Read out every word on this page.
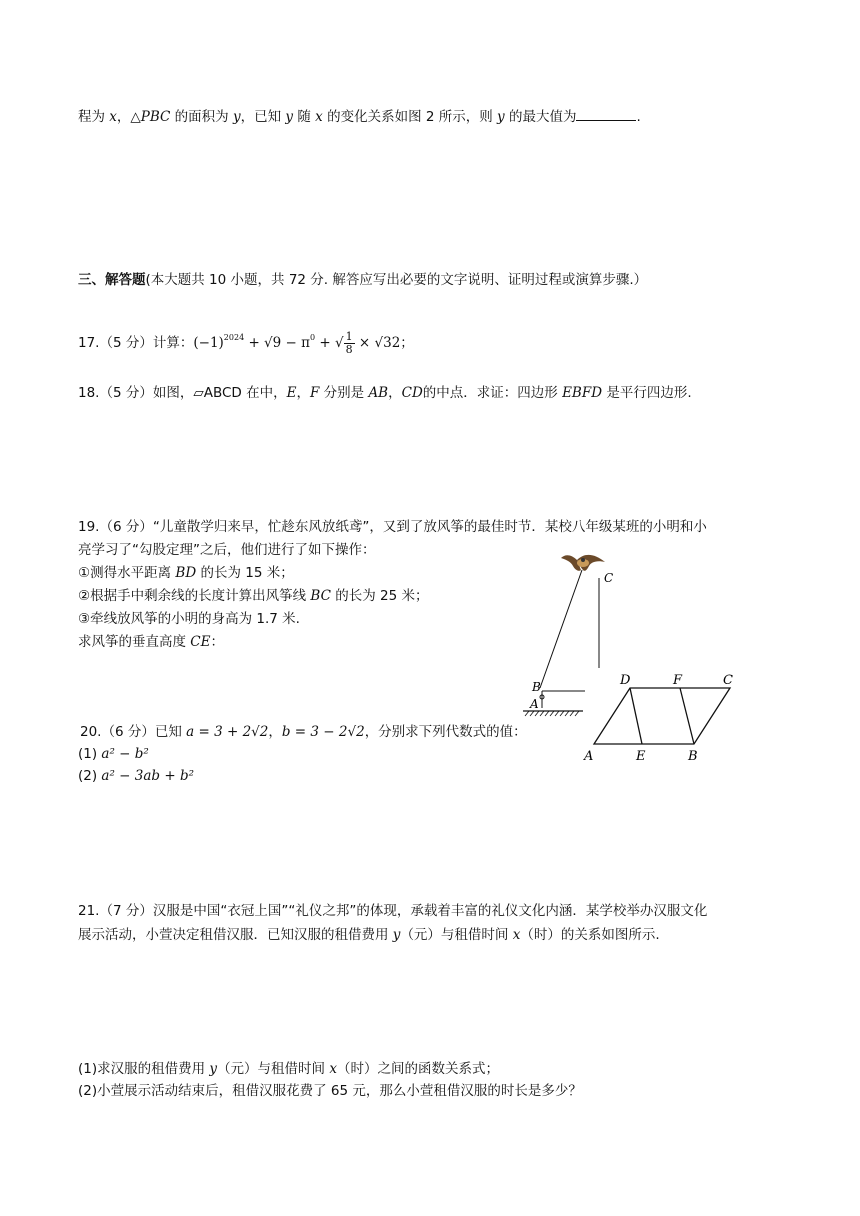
程为 x，△PBC 的面积为 y，已知 y 随 x 的变化关系如图 2 所示，则 y 的最大值为	.
三、解答题(本大题共 10 小题，共 72 分. 解答应写出必要的文字说明、证明过程或演算步骤.）
17.（5 分）计算：$(-1)^{2024} + √9 - \pi^0$ + √ $\frac{1}{8} \times √32$；
18.（5 分）如图，▱ABCD 在中，E，F 分别是 AB，CD的中点．求证：四边形 EBFD 是平行四边形.
19.（6 分）“儿童散学归来早，忙趁东风放纸鸢”，又到了放风筝的最佳时节．某校八年级某班的小明和小
亮学习了“勾股定理”之后，他们进行了如下操作：
①测得水平距离 BD 的长为 15 米；
②根据手中剩余线的长度计算出风筝线 BC 的长为 25 米；
③牵线放风筝的小明的身高为 1.7 米.
求风筝的垂直高度 CE：
C
B
A
A	E	B
D	F	C
20.（6 分）已知 a = 3 + 2√2，b = 3 − 2√2，分别求下列代数式的值：
(1) a² − b²
(2) a² − 3ab + b²
21.（7 分）汉服是中国“衣冠上国”“礼仪之邦”的体现，承载着丰富的礼仪文化内涵．某学校举办汉服文化
展示活动，小萱决定租借汉服．已知汉服的租借费用 y（元）与租借时间 x（时）的关系如图所示.
(1)求汉服的租借费用 y（元）与租借时间 x（时）之间的函数关系式；
(2)小萱展示活动结束后，租借汉服花费了 65 元，那么小萱租借汉服的时长是多少？
